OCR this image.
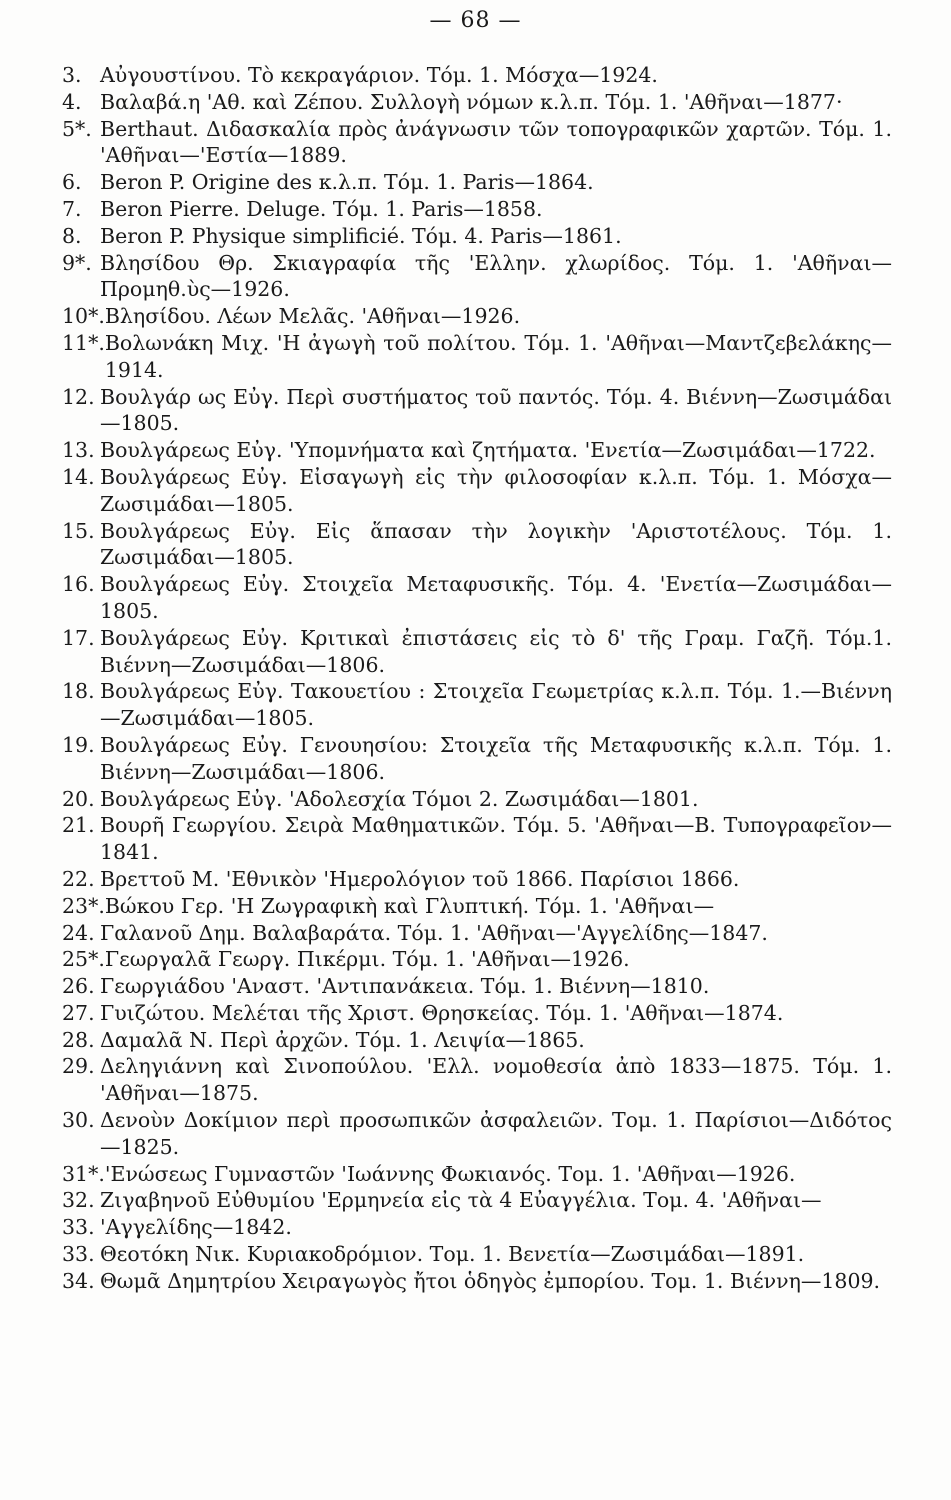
— 68 —
3. Αὐγουστίνου. Τὸ κεκραγάριον. Τόμ. 1. Μόσχα—1924.
4. Βαλαβά.η 'Αθ. καὶ Ζέπου. Συλλογὴ νόμων κ.λ.π. Τόμ. 1. 'Αθῆναι—1877·
5*. Berthaut. Διδασκαλία πρὸς ἀνάγνωσιν τῶν τοπογραφικῶν χαρτῶν. Τόμ. 1. 'Αθῆναι—'Εστία—1889.
6. Beron P. Origine des κ.λ.π. Τόμ. 1. Paris—1864.
7. Beron Pierre. Deluge. Τόμ. 1. Paris—1858.
8. Beron P. Physique simplificié. Τόμ. 4. Paris—1861.
9*. Βλησίδου Θρ. Σκιαγραφία τῆς 'Ελλην. χλωρίδος. Τόμ. 1. 'Αθῆναι—Προμηθ.ὺς—1926.
10*. Βλησίδου. Λέων Μελᾶς. 'Αθῆναι—1926.
11*. Βολωνάκη Μιχ. 'Η ἀγωγὴ τοῦ πολίτου. Τόμ. 1. 'Αθῆναι—Μαντζεβελάκης—1914.
12. Βουλγάρ ως Εὐγ. Περὶ συστήματος τοῦ παντός. Τόμ. 4. Βιέννη—Ζωσιμάδαι—1805.
13. Βουλγάρεως Εὐγ. 'Υπομνήματα καὶ ζητήματα. 'Ενετία—Ζωσιμάδαι—1722.
14. Βουλγάρεως Εὐγ. Εἰσαγωγὴ εἰς τὴν φιλοσοφίαν κ.λ.π. Τόμ. 1. Μόσχα—Ζωσιμάδαι—1805.
15. Βουλγάρεως Εὐγ. Εἰς ἅπασαν τὴν λογικὴν 'Αριστοτέλους. Τόμ. 1. Ζωσιμάδαι—1805.
16. Βουλγάρεως Εὐγ. Στοιχεῖα Μεταφυσικῆς. Τόμ. 4. 'Ενετία—Ζωσιμάδαι—1805.
17. Βουλγάρεως Εὐγ. Κριτικαὶ ἐπιστάσεις εἰς τὸ δ' τῆς Γραμ. Γαζῆ. Τόμ.1. Βιέννη—Ζωσιμάδαι—1806.
18. Βουλγάρεως Εὐγ. Τακουετίου : Στοιχεῖα Γεωμετρίας κ.λ.π. Τόμ. 1.—Βιέννη—Ζωσιμάδαι—1805.
19. Βουλγάρεως Εὐγ. Γενουησίου: Στοιχεῖα τῆς Μεταφυσικῆς κ.λ.π. Τόμ. 1. Βιέννη—Ζωσιμάδαι—1806.
20. Βουλγάρεως Εὐγ. 'Αδολεσχία Τόμοι 2. Ζωσιμάδαι—1801.
21. Βουρῆ Γεωργίου. Σειρὰ Μαθηματικῶν. Τόμ. 5. 'Αθῆναι—Β. Τυπογραφεῖον—1841.
22. Βρεττοῦ Μ. 'Εθνικὸν 'Ημερολόγιον τοῦ 1866. Παρίσιοι 1866.
23*. Βώκου Γερ. 'Η Ζωγραφικὴ καὶ Γλυπτική. Τόμ. 1. 'Αθῆναι—
24. Γαλανοῦ Δημ. Βαλαβαράτα. Τόμ. 1. 'Αθῆναι—'Αγγελίδης—1847.
25*. Γεωργαλᾶ Γεωργ. Πικέρμι. Τόμ. 1. 'Αθῆναι—1926.
26. Γεωργιάδου 'Αναστ. 'Αντιπανάκεια. Τόμ. 1. Βιέννη—1810.
27. Γυιζώτου. Μελέται τῆς Χριστ. Θρησκείας. Τόμ. 1. 'Αθῆναι—1874.
28. Δαμαλᾶ Ν. Περὶ ἀρχῶν. Τόμ. 1. Λειψία—1865.
29. Δεληγιάννη καὶ Σινοπούλου. 'Ελλ. νομοθεσία ἀπὸ 1833—1875. Τόμ. 1. 'Αθῆναι—1875.
30. Δενοὺν Δοκίμιον περὶ προσωπικῶν ἀσφαλειῶν. Τομ. 1. Παρίσιοι—Διδότος—1825.
31*. 'Ενώσεως Γυμναστῶν 'Ιωάννης Φωκιανός. Τομ. 1. 'Αθῆναι—1926.
32. Ζιγαβηνοῦ Εὐθυμίου 'Ερμηνεία εἰς τὰ 4 Εὐαγγέλια. Τομ. 4. 'Αθῆναι—
33. 'Αγγελίδης—1842.
33. Θεοτόκη Νικ. Κυριακοδρόμιον. Τομ. 1. Βενετία—Ζωσιμάδαι—1891.
34. Θωμᾶ Δημητρίου Χειραγωγὸς ἤτοι ὁδηγὸς ἐμπορίου. Τομ. 1. Βιέννη—1809.
